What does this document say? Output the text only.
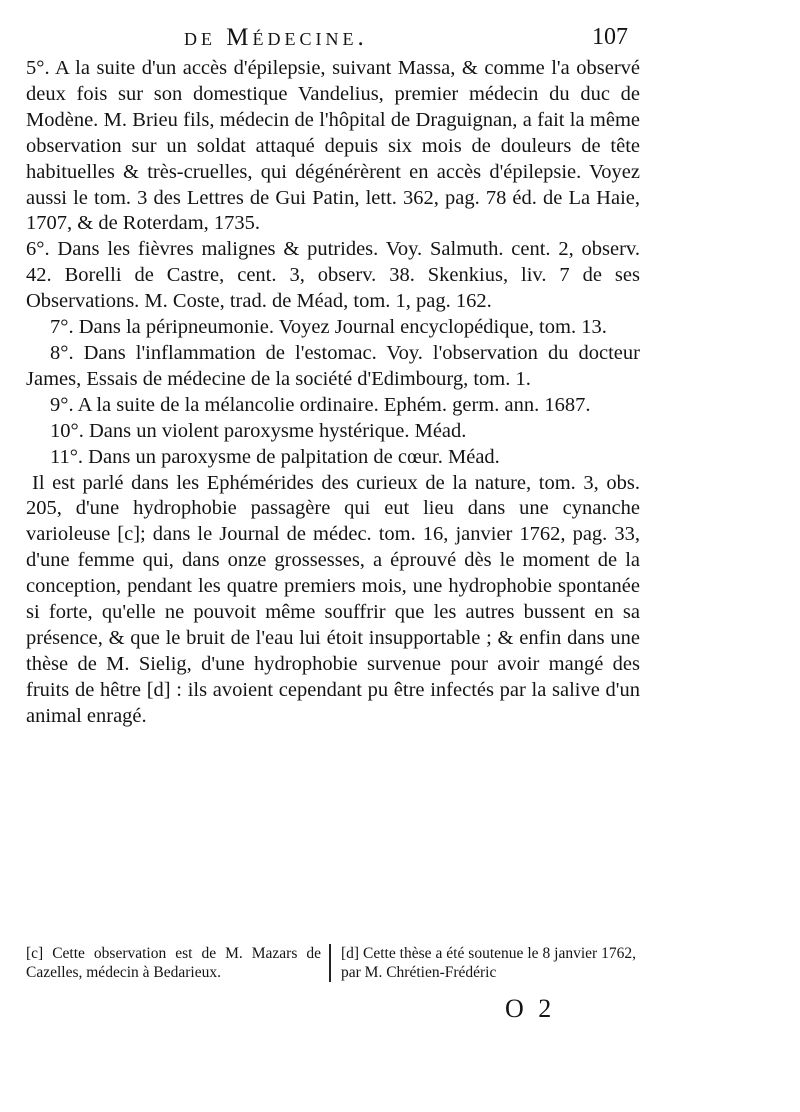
de Médecine.	107

5°. A la suite d'un accès d'épilepsie, suivant Massa, & comme l'a observé deux fois sur son domestique Vandelius, premier médecin du duc de Modène. M. Brieu fils, médecin de l'hôpital de Draguignan, a fait la même observation sur un soldat attaqué depuis six mois de douleurs de tête habituelles & très-cruelles, qui dégénérèrent en accès d'épilepsie. Voyez aussi le tom. 3 des Lettres de Gui Patin, lett. 362, pag. 78 éd. de La Haie, 1707, & de Roterdam, 1735.

6°. Dans les fièvres malignes & putrides. Voy. Salmuth. cent. 2, observ. 42. Borelli de Castre, cent. 3, observ. 38. Skenkius, liv. 7 de ses Observations. M. Coste, trad. de Méad, tom. 1, pag. 162.

7°. Dans la péripneumonie. Voyez Journal encyclopédique, tom. 13.

8°. Dans l'inflammation de l'estomac. Voy. l'observation du docteur James, Essais de médecine de la société d'Edimbourg, tom. 1.

9°. A la suite de la mélancolie ordinaire. Ephém. germ. ann. 1687.

10°. Dans un violent paroxysme hystérique. Méad.

11°. Dans un paroxysme de palpitation de cœur. Méad.

Il est parlé dans les Ephémérides des curieux de la nature, tom. 3, obs. 205, d'une hydrophobie passagère qui eut lieu dans une cynanche varioleuse [c]; dans le Journal de médec. tom. 16, janvier 1762, pag. 33, d'une femme qui, dans onze grossesses, a éprouvé dès le moment de la conception, pendant les quatre premiers mois, une hydrophobie spontanée si forte, qu'elle ne pouvoit même souffrir que les autres bussent en sa présence, & que le bruit de l'eau lui étoit insupportable ; & enfin dans une thèse de M. Sielig, d'une hydrophobie survenue pour avoir mangé des fruits de hêtre [d] : ils avoient cependant pu être infectés par la salive d'un animal enragé.

[c] Cette observation est de M. Mazars de Cazelles, médecin à Bedarieux.
[d] Cette thèse a été soutenue le 8 janvier 1762, par M. Chrétien-Frédéric
O 2
